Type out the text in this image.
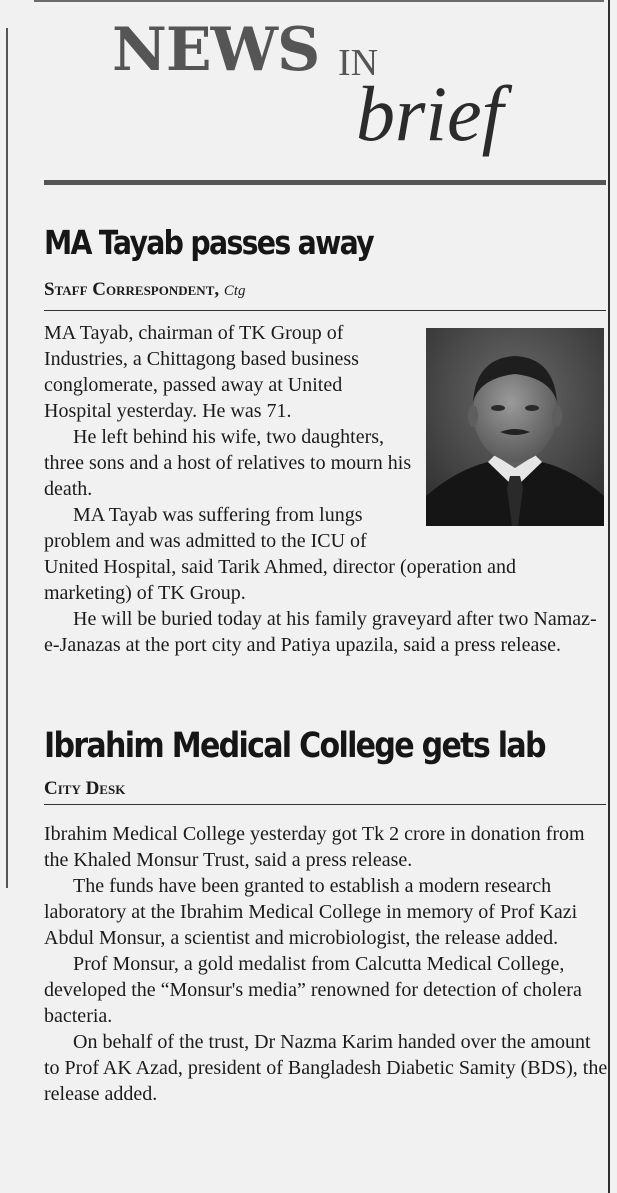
NEWS IN
brief
MA Tayab passes away
Staff Correspondent, Ctg

MA Tayab, chairman of TK Group of Industries, a Chittagong based business conglomerate, passed away at United Hospital yesterday. He was 71.

He left behind his wife, two daughters, three sons and a host of relatives to mourn his death.

MA Tayab was suffering from lungs problem and was admitted to the ICU of United Hospital, said Tarik Ahmed, director (operation and marketing) of TK Group.

He will be buried today at his family graveyard after two Namaz-e-Janazas at the port city and Patiya upazila, said a press release.

Ibrahim Medical College gets lab
City Desk

Ibrahim Medical College yesterday got Tk 2 crore in donation from the Khaled Monsur Trust, said a press release.

The funds have been granted to establish a modern research laboratory at the Ibrahim Medical College in memory of Prof Kazi Abdul Monsur, a scientist and microbiologist, the release added.

Prof Monsur, a gold medalist from Calcutta Medical College, developed the “Monsur's media” renowned for detection of cholera bacteria.

On behalf of the trust, Dr Nazma Karim handed over the amount to Prof AK Azad, president of Bangladesh Diabetic Samity (BDS), the release added.
